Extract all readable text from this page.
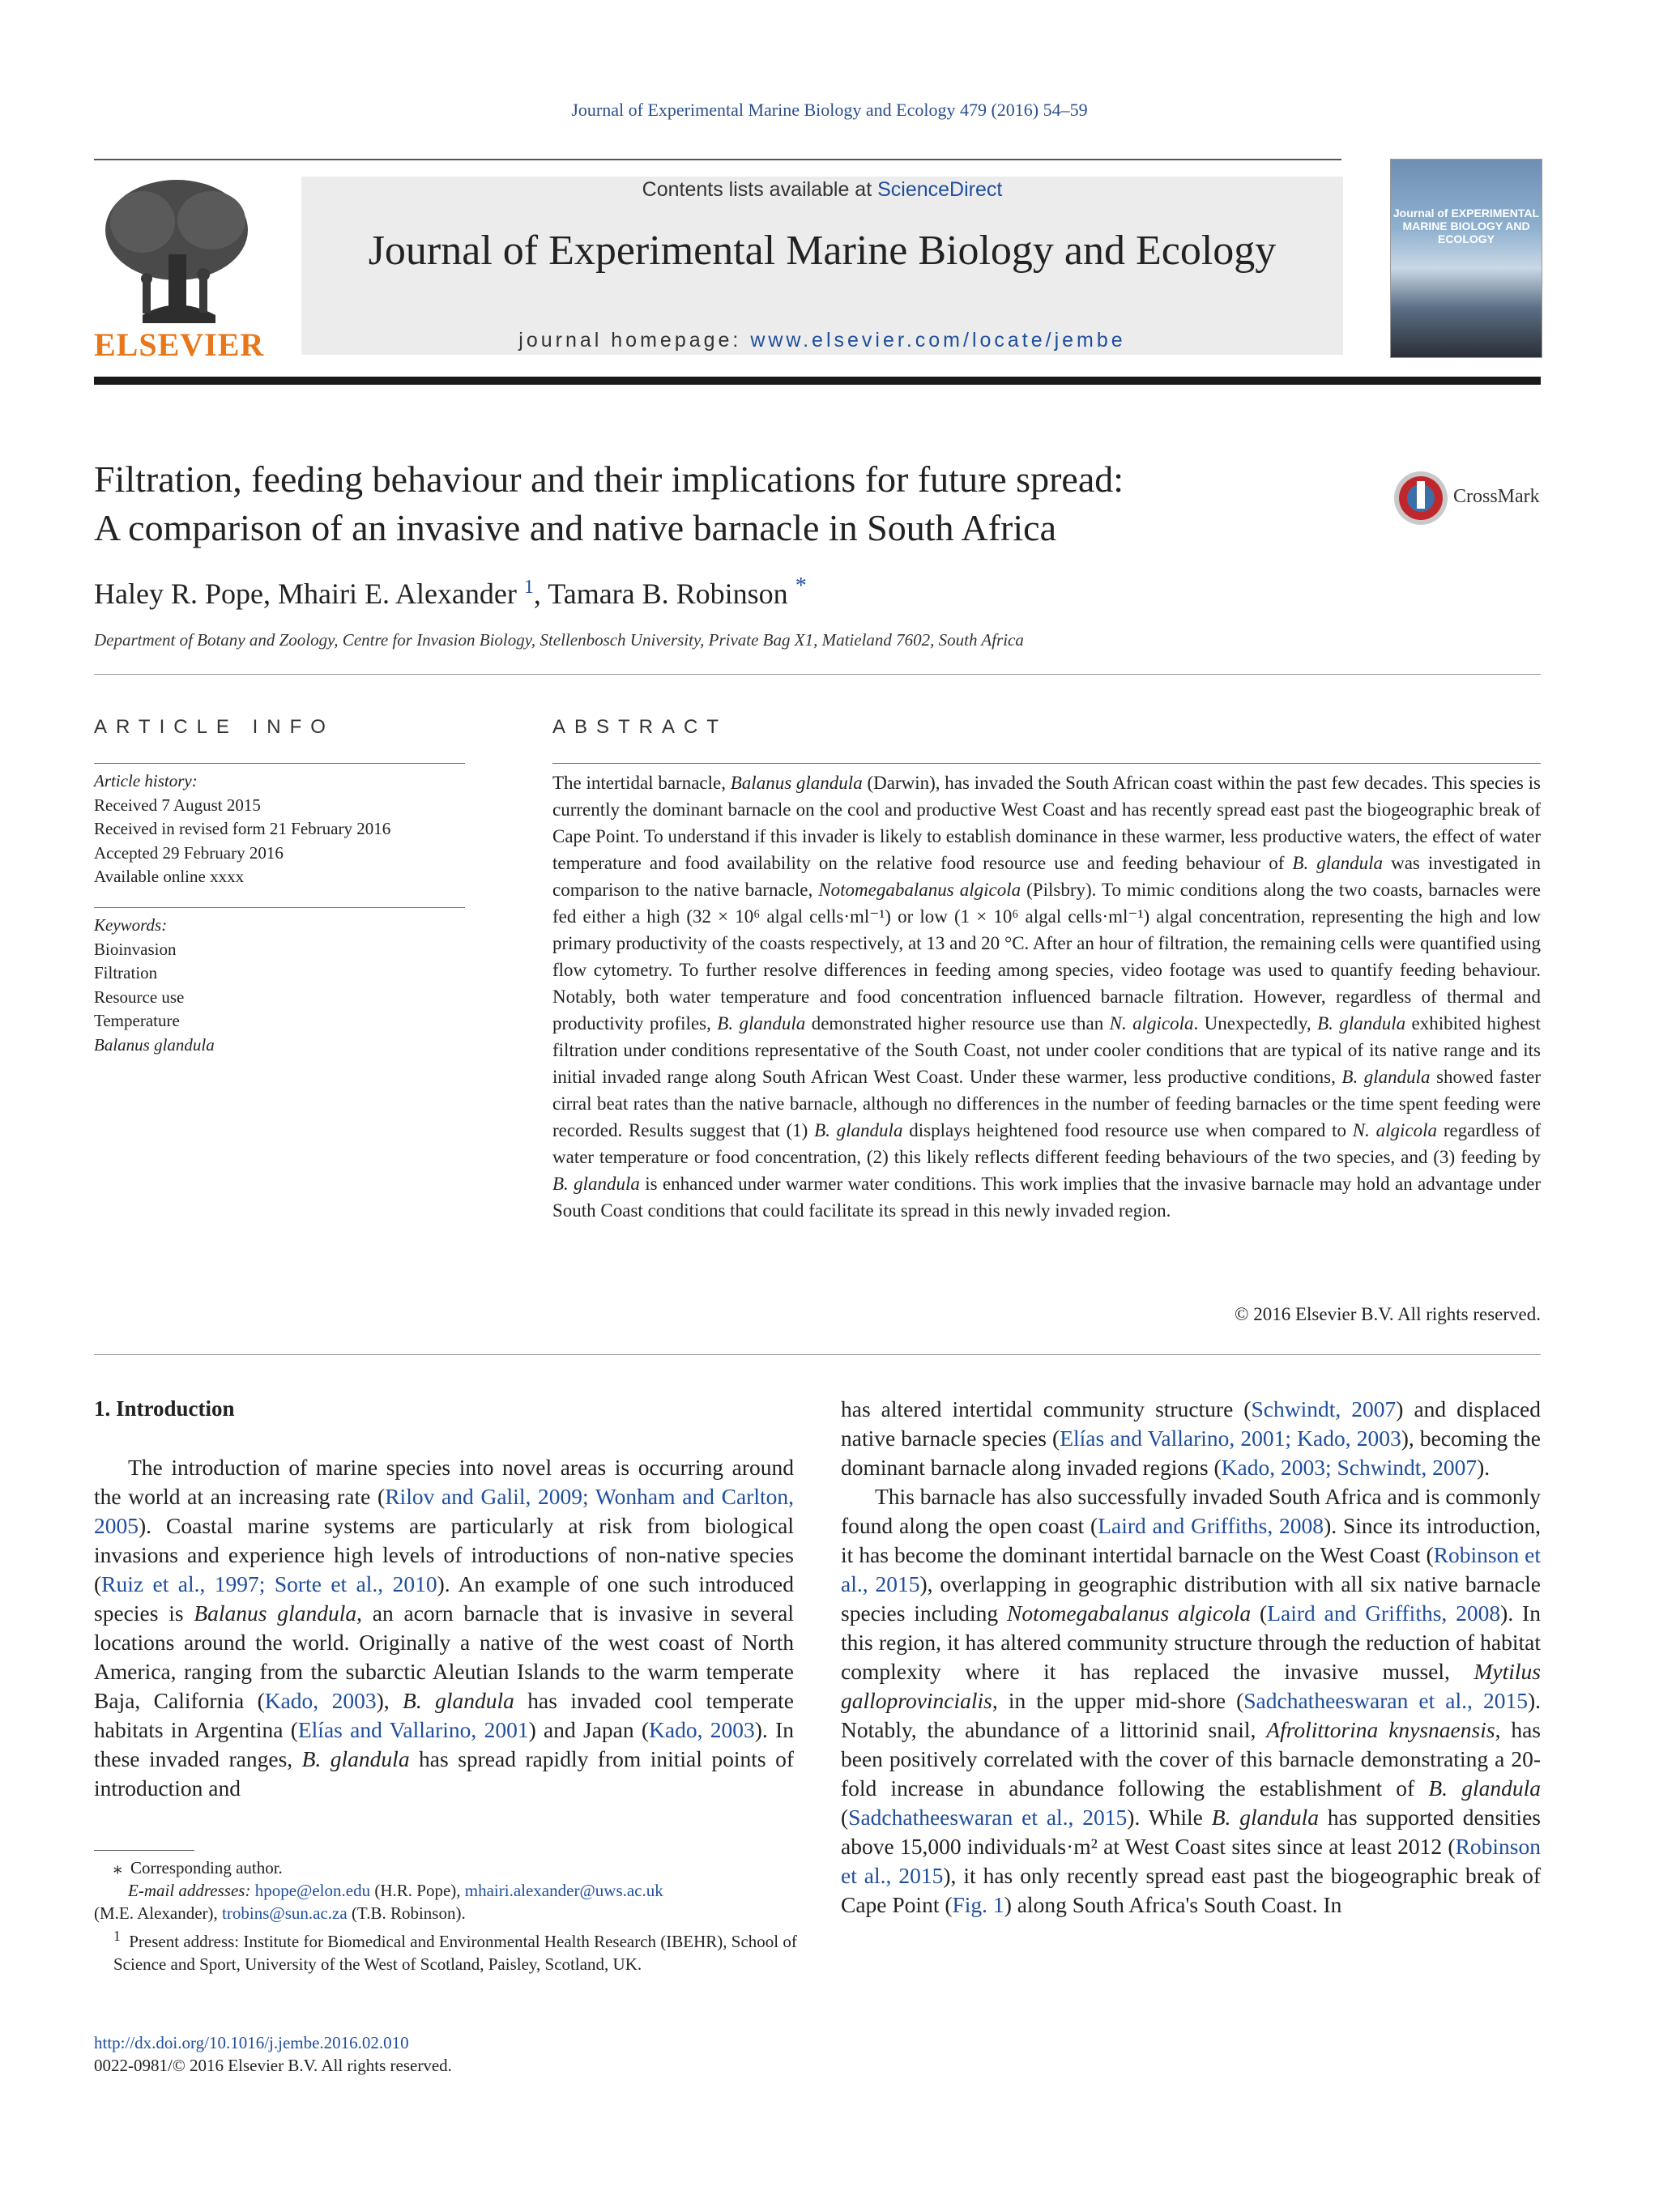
Journal of Experimental Marine Biology and Ecology 479 (2016) 54–59
ELSEVIER
Contents lists available at ScienceDirect
Journal of Experimental Marine Biology and Ecology
journal homepage: www.elsevier.com/locate/jembe
Journal of EXPERIMENTAL MARINE BIOLOGY AND ECOLOGY
Filtration, feeding behaviour and their implications for future spread:
A comparison of an invasive and native barnacle in South Africa
CrossMark
Haley R. Pope, Mhairi E. Alexander $^1$, Tamara B. Robinson *
Department of Botany and Zoology, Centre for Invasion Biology, Stellenbosch University, Private Bag X1, Matieland 7602, South Africa
ARTICLE INFO
Article history:
Received 7 August 2015
Received in revised form 21 February 2016
Accepted 29 February 2016
Available online xxxx
Keywords:
Bioinvasion
Filtration
Resource use
Temperature
Balanus glandula
ABSTRACT
The intertidal barnacle, Balanus glandula (Darwin), has invaded the South African coast within the past few decades. This species is currently the dominant barnacle on the cool and productive West Coast and has recently spread east past the biogeographic break of Cape Point. To understand if this invader is likely to establish dominance in these warmer, less productive waters, the effect of water temperature and food availability on the relative food resource use and feeding behaviour of B. glandula was investigated in comparison to the native barnacle, Notomegabalanus algicola (Pilsbry). To mimic conditions along the two coasts, barnacles were fed either a high (32 × 10⁶ algal cells·ml⁻¹) or low (1 × 10⁶ algal cells·ml⁻¹) algal concentration, representing the high and low primary productivity of the coasts respectively, at 13 and 20 °C. After an hour of filtration, the remaining cells were quantified using flow cytometry. To further resolve differences in feeding among species, video footage was used to quantify feeding behaviour. Notably, both water temperature and food concentration influenced barnacle filtration. However, regardless of thermal and productivity profiles, B. glandula demonstrated higher resource use than N. algicola. Unexpectedly, B. glandula exhibited highest filtration under conditions representative of the South Coast, not under cooler conditions that are typical of its native range and its initial invaded range along South African West Coast. Under these warmer, less productive conditions, B. glandula showed faster cirral beat rates than the native barnacle, although no differences in the number of feeding barnacles or the time spent feeding were recorded. Results suggest that (1) B. glandula displays heightened food resource use when compared to N. algicola regardless of water temperature or food concentration, (2) this likely reflects different feeding behaviours of the two species, and (3) feeding by B. glandula is enhanced under warmer water conditions. This work implies that the invasive barnacle may hold an advantage under South Coast conditions that could facilitate its spread in this newly invaded region.
© 2016 Elsevier B.V. All rights reserved.
1. Introduction

The introduction of marine species into novel areas is occurring around the world at an increasing rate (Rilov and Galil, 2009; Wonham and Carlton, 2005). Coastal marine systems are particularly at risk from biological invasions and experience high levels of introductions of non-native species (Ruiz et al., 1997; Sorte et al., 2010). An example of one such introduced species is Balanus glandula, an acorn barnacle that is invasive in several locations around the world. Originally a native of the west coast of North America, ranging from the subarctic Aleutian Islands to the warm temperate Baja, California (Kado, 2003), B. glandula has invaded cool temperate habitats in Argentina (Elías and Vallarino, 2001) and Japan (Kado, 2003). In these invaded ranges, B. glandula has spread rapidly from initial points of introduction and

has altered intertidal community structure (Schwindt, 2007) and displaced native barnacle species (Elías and Vallarino, 2001; Kado, 2003), becoming the dominant barnacle along invaded regions (Kado, 2003; Schwindt, 2007).

This barnacle has also successfully invaded South Africa and is commonly found along the open coast (Laird and Griffiths, 2008). Since its introduction, it has become the dominant intertidal barnacle on the West Coast (Robinson et al., 2015), overlapping in geographic distribution with all six native barnacle species including Notomegabalanus algicola (Laird and Griffiths, 2008). In this region, it has altered community structure through the reduction of habitat complexity where it has replaced the invasive mussel, Mytilus galloprovincialis, in the upper mid-shore (Sadchatheeswaran et al., 2015). Notably, the abundance of a littorinid snail, Afrolittorina knysnaensis, has been positively correlated with the cover of this barnacle demonstrating a 20-fold increase in abundance following the establishment of B. glandula (Sadchatheeswaran et al., 2015). While B. glandula has supported densities above 15,000 individuals·m² at West Coast sites since at least 2012 (Robinson et al., 2015), it has only recently spread east past the biogeographic break of Cape Point (Fig. 1) along South Africa's South Coast. In

⁎ Corresponding author.
E-mail addresses: hpope@elon.edu (H.R. Pope), mhairi.alexander@uws.ac.uk
(M.E. Alexander), trobins@sun.ac.za (T.B. Robinson).
$^1$ Present address: Institute for Biomedical and Environmental Health Research (IBEHR), School of Science and Sport, University of the West of Scotland, Paisley, Scotland, UK.
http://dx.doi.org/10.1016/j.jembe.2016.02.010
0022-0981/© 2016 Elsevier B.V. All rights reserved.
